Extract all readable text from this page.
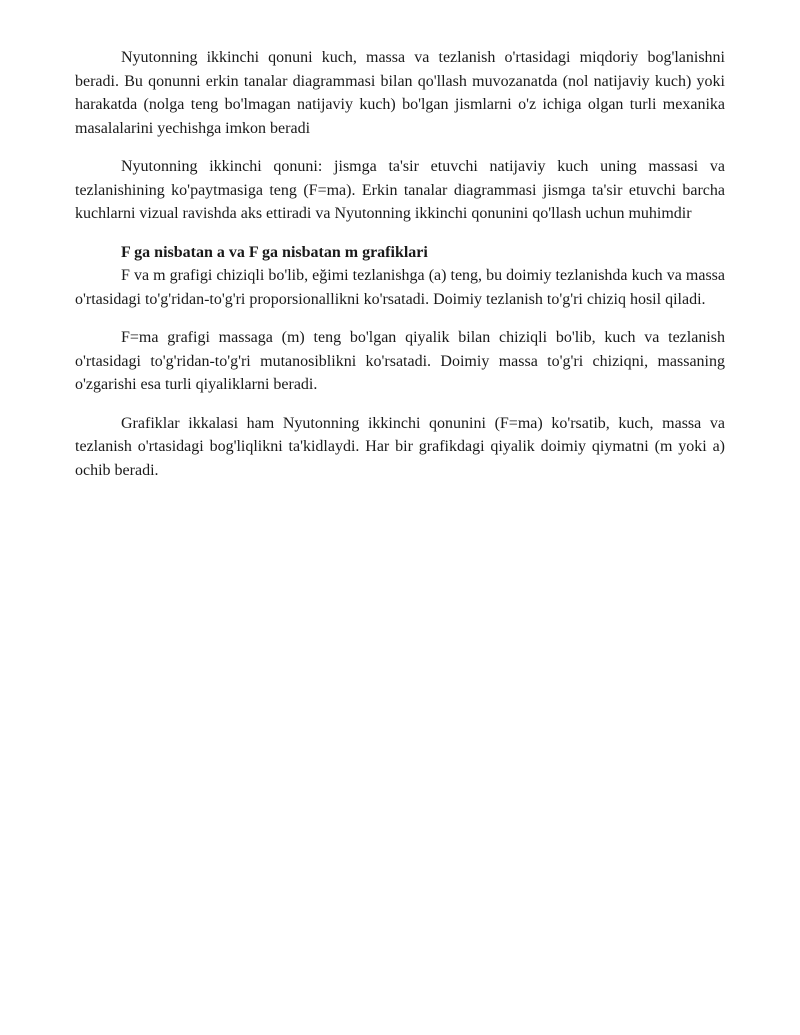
Nyutonning ikkinchi qonuni kuch, massa va tezlanish o'rtasidagi miqdoriy bog'lanishni beradi. Bu qonunni erkin tanalar diagrammasi bilan qo'llash muvozanatda (nol natijaviy kuch) yoki harakatda (nolga teng bo'lmagan natijaviy kuch) bo'lgan jismlarni o'z ichiga olgan turli mexanika masalalarini yechishga imkon beradi

Nyutonning ikkinchi qonuni: jismga ta'sir etuvchi natijaviy kuch uning massasi va tezlanishining ko'paytmasiga teng (F=ma). Erkin tanalar diagrammasi jismga ta'sir etuvchi barcha kuchlarni vizual ravishda aks ettiradi va Nyutonning ikkinchi qonunini qo'llash uchun muhimdir

F ga nisbatan a va F ga nisbatan m grafiklari

F va m grafigi chiziqli bo'lib, eğimi tezlanishga (a) teng, bu doimiy tezlanishda kuch va massa o'rtasidagi to'g'ridan-to'g'ri proporsionallikni ko'rsatadi. Doimiy tezlanish to'g'ri chiziq hosil qiladi.

F=ma grafigi massaga (m) teng bo'lgan qiyalik bilan chiziqli bo'lib, kuch va tezlanish o'rtasidagi to'g'ridan-to'g'ri mutanosiblikni ko'rsatadi. Doimiy massa to'g'ri chiziqni, massaning o'zgarishi esa turli qiyaliklarni beradi.

Grafiklar ikkalasi ham Nyutonning ikkinchi qonunini (F=ma) ko'rsatib, kuch, massa va tezlanish o'rtasidagi bog'liqlikni ta'kidlaydi. Har bir grafikdagi qiyalik doimiy qiymatni (m yoki a) ochib beradi.
